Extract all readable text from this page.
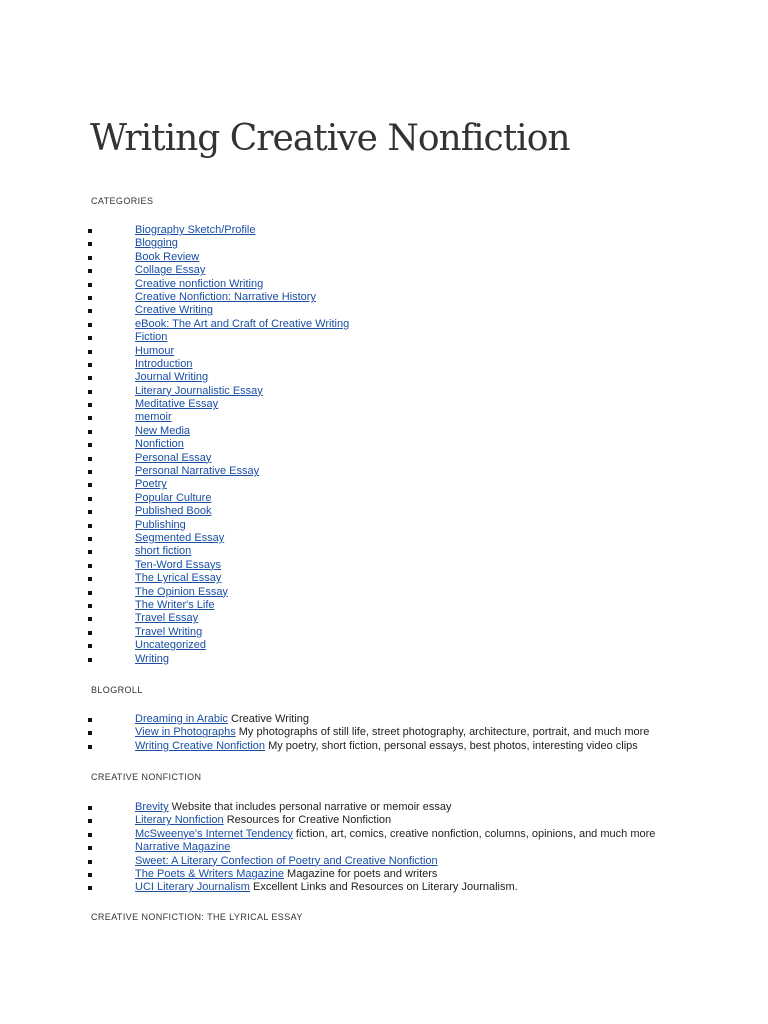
Writing Creative Nonfiction
CATEGORIES
Biography Sketch/Profile
Blogging
Book Review
Collage Essay
Creative nonfiction Writing
Creative Nonfiction: Narrative History
Creative Writing
eBook: The Art and Craft of Creative Writing
Fiction
Humour
Introduction
Journal Writing
Literary Journalistic Essay
Meditative Essay
memoir
New Media
Nonfiction
Personal Essay
Personal Narrative Essay
Poetry
Popular Culture
Published Book
Publishing
Segmented Essay
short fiction
Ten-Word Essays
The Lyrical Essay
The Opinion Essay
The Writer's Life
Travel Essay
Travel Writing
Uncategorized
Writing
BLOGROLL
Dreaming in Arabic Creative Writing
View in Photographs My photographs of still life, street photography, architecture, portrait, and much more
Writing Creative Nonfiction My poetry, short fiction, personal essays, best photos, interesting video clips
CREATIVE NONFICTION
Brevity Website that includes personal narrative or memoir essay
Literary Nonfiction Resources for Creative Nonfiction
McSweenye's Internet Tendency fiction, art, comics, creative nonfiction, columns, opinions, and much more
Narrative Magazine
Sweet: A Literary Confection of Poetry and Creative Nonfiction
The Poets & Writers Magazine Magazine for poets and writers
UCI Literary Journalism Excellent Links and Resources on Literary Journalism.
CREATIVE NONFICTION: THE LYRICAL ESSAY
